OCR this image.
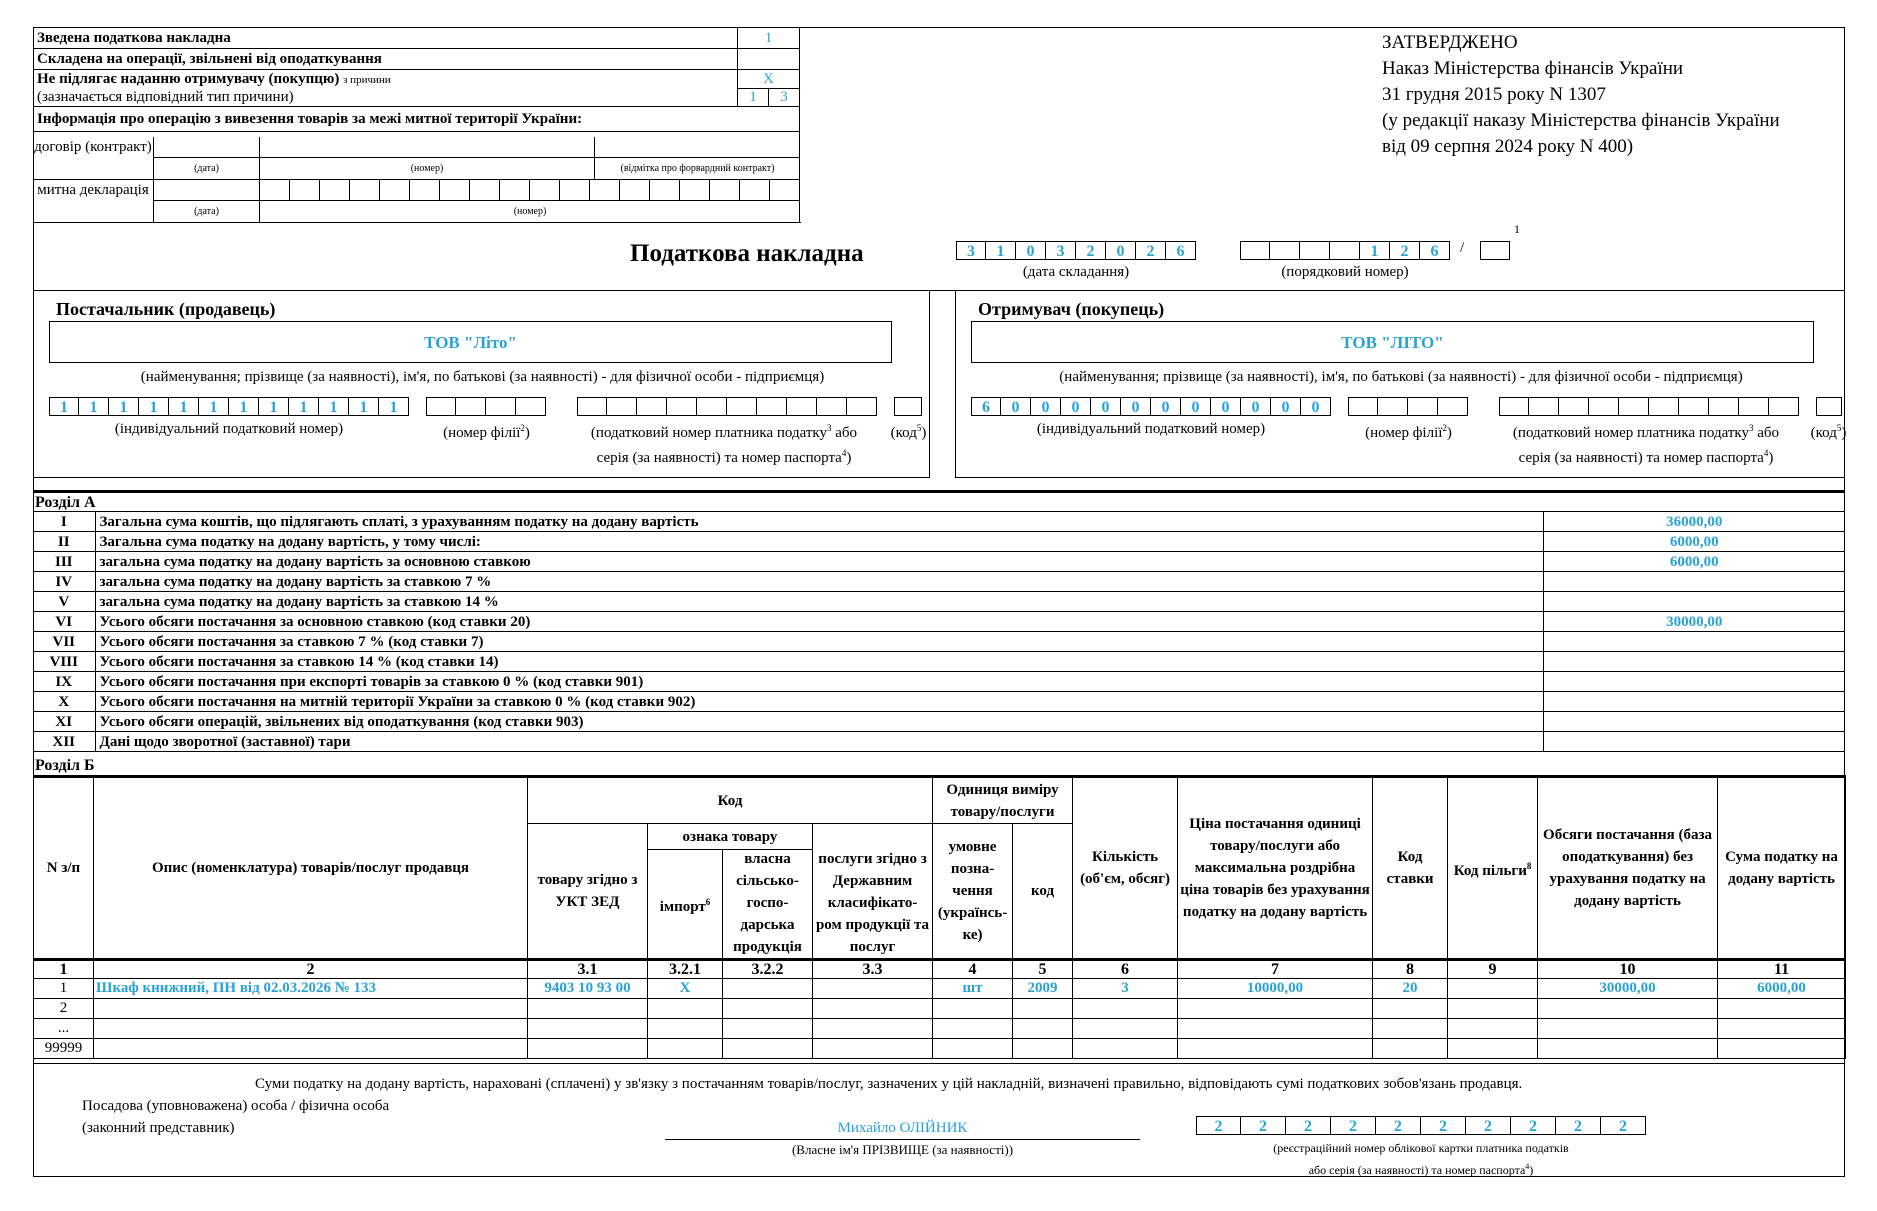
Зведена податкова накладна	1	
Складена на операції, звільнені від оподаткування		
Не підлягає наданню отримувачу (покупцю) з причини	X	
(зазначається відповідний тип причини)	1	3
Інформація про операцію з вивезення товарів за межі митної території України:		
договір (контракт)
(дата)	(номер)	(відмітка про форвардний контракт)
митна декларація
(дата)	(номер)
ЗАТВЕРДЖЕНО
Наказ Міністерства фінансів України
31 грудня 2015 року N 1307
(у редакції наказу Міністерства фінансів України
від 09 серпня 2024 року N 400)
Податкова накладна	3	1	0	3	2	0	2	6
(дата складання)
1	2	6	/
1
(порядковий номер)
Постачальник (продавець)
ТОВ "Літо"
(найменування; прізвище (за наявності), ім'я, по батькові (за наявності) - для фізичної особи - підприємця)
1	1	1	1	1	1	1	1	1	1	1	1
(індивідуальний податковий номер)	(номер філії$^2$)	(податковий номер платника податку$^3$ або
серія (за наявності) та номер паспорта$^4$)
(код$^5$)
Отримувач (покупець)
ТОВ "ЛІТО"
(найменування; прізвище (за наявності), ім'я, по батькові (за наявності) - для фізичної особи - підприємця)
6	0	0	0	0	0	0	0	0	0	0	0
(індивідуальний податковий номер)	(номер філії$^2$)	(податковий номер платника податку$^3$ або
серія (за наявності) та номер паспорта$^4$)
(код$^5$)
Розділ А
I	Загальна сума коштів, що підлягають сплаті, з урахуванням податку на додану вартість	36000,00
II	Загальна сума податку на додану вартість, у тому числі:	6000,00
III	загальна сума податку на додану вартість за основною ставкою	6000,00
IV	загальна сума податку на додану вартість за ставкою 7 %	
V	загальна сума податку на додану вартість за ставкою 14 %	
VI	Усього обсяги постачання за основною ставкою (код ставки 20)	30000,00
VII	Усього обсяги постачання за ставкою 7 % (код ставки 7)	
VIII	Усього обсяги постачання за ставкою 14 % (код ставки 14)	
IX	Усього обсяги постачання при експорті товарів за ставкою 0 % (код ставки 901)	
X	Усього обсяги постачання на митній території України за ставкою 0 % (код ставки 902)	
XI	Усього обсяги операцій, звільнених від оподаткування (код ставки 903)	
XII	Дані щодо зворотної (заставної) тари	
Розділ Б
N з/п	Опис (номенклатура) товарів/послуг продавця	Код				Одиниця виміру товару/послуги		Кількість (об'єм, обсяг)	Ціна постачання одиниці товару/послуги або максимальна роздрібна ціна товарів без урахування податку на додану вартість	Код ставки	Код пільги$^8$	Обсяги постачання (база оподаткування) без урахування податку на додану вартість	Сума податку на додану вартість
		товару згідно з УКТ ЗЕД	ознака товару		послуги згідно з Державним класифікато-ром продукції та послуг	умовне позна-чення (українсь-ке)	код						
			імпорт$^6$	власна сільсько-госпо-дарська продукція									

1	2	3.1	3.2.1	3.2.2	3.3	4	5	6	7	8	9	10	11
1	Шкаф книжний, ПН від 02.03.2026 № 133	9403 10 93 00	X			шт	2009	3	10000,00	20		30000,00	6000,00
2													
...													
99999													
Суми податку на додану вартість, нараховані (сплачені) у зв'язку з постачанням товарів/послуг, зазначених у цій накладній, визначені правильно, відповідають сумі податкових зобов'язань продавця.
Посадова (уповноважена) особа / фізична особа
(законний представник)	Михайло ОЛІЙНИК
(Власне ім'я ПРІЗВИЩЕ (за наявності))
2	2	2	2	2	2	2	2	2	2
(реєстраційний номер облікової картки платника податків
або серія (за наявності) та номер паспорта$^4$)
